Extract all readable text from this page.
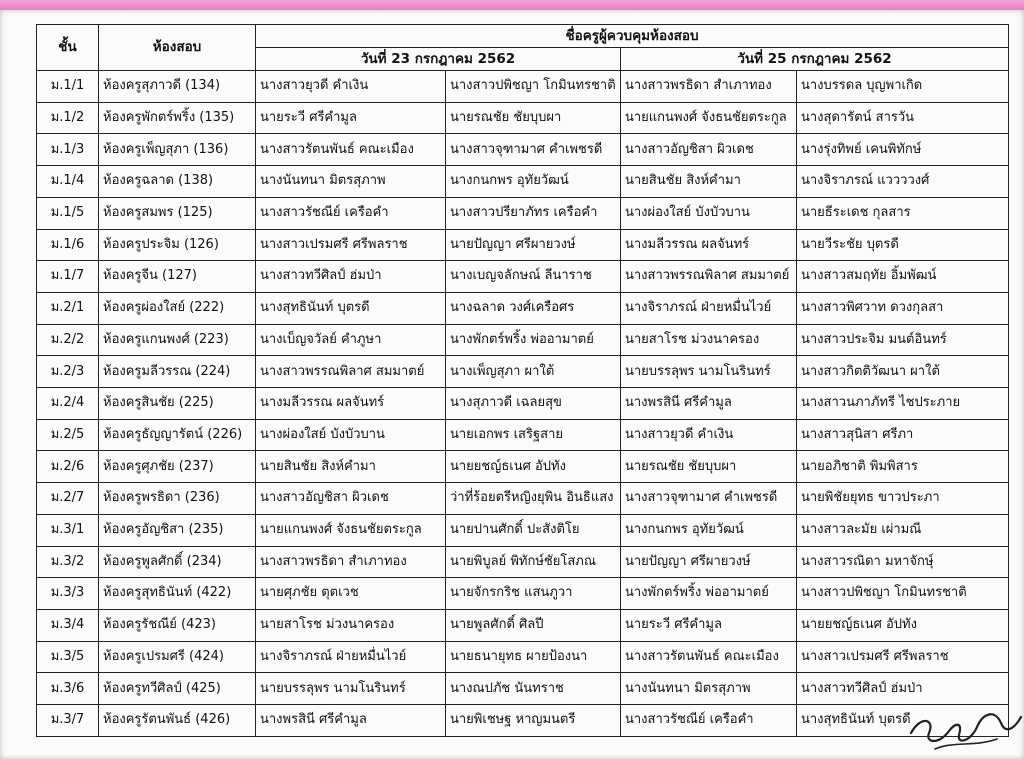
ชั้น	ห้องสอบ	ชื่อครูผู้ควบคุมห้องสอบ			
		วันที่ 23 กรกฎาคม 2562		วันที่ 25 กรกฎาคม 2562	
ม.1/1	ห้องครูสุภาวดี (134)	นางสาวยุวดี คำเงิน	นางสาวปพิชญา โกมินทรชาติ	นางสาวพรธิดา สำเภาทอง	นางบรรดล บุญพาเกิด
ม.1/2	ห้องครูพักตร์พริ้ง (135)	นายระวี ศรีคำมูล	นายรณชัย ชัยบุบผา	นายแกนพงศ์ จังธนชัยตระกูล	นางสุดารัตน์ สารวัน
ม.1/3	ห้องครูเพ็ญสุภา (136)	นางสาวรัตนพันธ์ คณะเมือง	นางสาวจุฑามาศ คำเพชรดี	นางสาวอัญชิสา ผิวเดช	นางรุ่งทิพย์ เคนพิทักษ์
ม.1/4	ห้องครูฉลาด (138)	นางนันทนา มิตรสุภาพ	นางกนกพร อุทัยวัฒน์	นายสินชัย สิงห์คำมา	นางจิราภรณ์ แววววงศ์
ม.1/5	ห้องครูสมพร (125)	นางสาวรัชณีย์ เครือคำ	นางสาวปรียาภัทร เครือคำ	นางผ่องใสย์ บังบัวบาน	นายธีระเดช กุลสาร
ม.1/6	ห้องครูประจิม (126)	นางสาวเปรมศรี ศรีพลราช	นายปัญญา ศรีผายวงษ์	นางมลีวรรณ ผลจันทร์	นายวีระชัย บุตรดี
ม.1/7	ห้องครูจีน (127)	นางสาวทวีศิลป์ ฮ่มป่า	นางเบญจลักษณ์ ลีนาราช	นางสาวพรรณพิลาศ สมมาตย์	นางสาวสมฤทัย อิ้มพัฒน์
ม.2/1	ห้องครูผ่องใสย์ (222)	นางสุทธินันท์ บุตรดี	นางฉลาด วงศ์เครือศร	นางจิราภรณ์ ฝ่ายหมื่นไวย์	นางสาวพิศวาท ดวงกุลสา
ม.2/2	ห้องครูแกนพงศ์ (223)	นางเบ็ญจวัลย์ คำภูษา	นางพักตร์พริ้ง พ่ออามาตย์	นายสาโรช ม่วงนาครอง	นางสาวประจิม มนต์อินทร์
ม.2/3	ห้องครูมลีวรรณ (224)	นางสาวพรรณพิลาศ สมมาตย์	นางเพ็ญสุภา ผาใต้	นายบรรลุพร นามโนรินทร์	นางสาวกิตติวัฒนา ผาใต้
ม.2/4	ห้องครูสินชัย (225)	นางมลีวรรณ ผลจันทร์	นางสุภาวดี เฉลยสุข	นางพรสินี ศรีคำมูล	นางสาวนภาภัทรี ไชประภาย
ม.2/5	ห้องครูธัญญารัตน์ (226)	นางผ่องใสย์ บังบัวบาน	นายเอกพร เสริฐสาย	นางสาวยุวดี คำเงิน	นางสาวสุนิสา ศรีภา
ม.2/6	ห้องครูศุภชัย (237)	นายสินชัย สิงห์คำมา	นายยชญ์ธเนศ อัปทัง	นายรณชัย ชัยบุบผา	นายอภิชาติ พิมพิสาร
ม.2/7	ห้องครูพรธิดา (236)	นางสาวอัญชิสา ผิวเดช	ว่าที่ร้อยตรีหญิงยุพิน อินธิแสง	นางสาวจุฑามาศ คำเพชรดี	นายพิชัยยุทธ ขาวประภา
ม.3/1	ห้องครูอัญชิสา (235)	นายแกนพงศ์ จังธนชัยตระกูล	นายปานศักดิ์ ปะสังติโย	นางกนกพร อุทัยวัฒน์	นางสาวละมัย เผ่ามณี
ม.3/2	ห้องครูพูลศักดิ์ (234)	นางสาวพรธิดา สำเภาทอง	นายพิบูลย์ พิทักษ์ชัยโสภณ	นายปัญญา ศรีผายวงษ์	นางสาวรณิดา มหาจักษุ์
ม.3/3	ห้องครูสุทธินันท์ (422)	นายศุภชัย ตุตเวช	นายจักรกริช แสนภูวา	นางพักตร์พริ้ง พ่ออามาตย์	นางสาวปพิชญา โกมินทรชาติ
ม.3/4	ห้องครูรัชณีย์ (423)	นายสาโรช ม่วงนาครอง	นายพูลศักดิ์ ศิลปี	นายระวี ศรีคำมูล	นายยชญ์ธเนศ อัปทัง
ม.3/5	ห้องครูเปรมศรี (424)	นางจิราภรณ์ ฝ่ายหมื่นไวย์	นายธนายุทธ ผายป้องนา	นางสาวรัตนพันธ์ คณะเมือง	นางสาวเปรมศรี ศรีพลราช
ม.3/6	ห้องครูทวีศิลป์ (425)	นายบรรลุพร นามโนรินทร์	นางณปภัช นันทราช	นางนันทนา มิตรสุภาพ	นางสาวทวีศิลป์ ฮ่มป่า
ม.3/7	ห้องครูรัตนพันธ์ (426)	นางพรสินี ศรีคำมูล	นายพิเชษฐ หาญมนตรี	นางสาวรัชณีย์ เครือคำ	นางสุทธินันท์ บุตรดี
